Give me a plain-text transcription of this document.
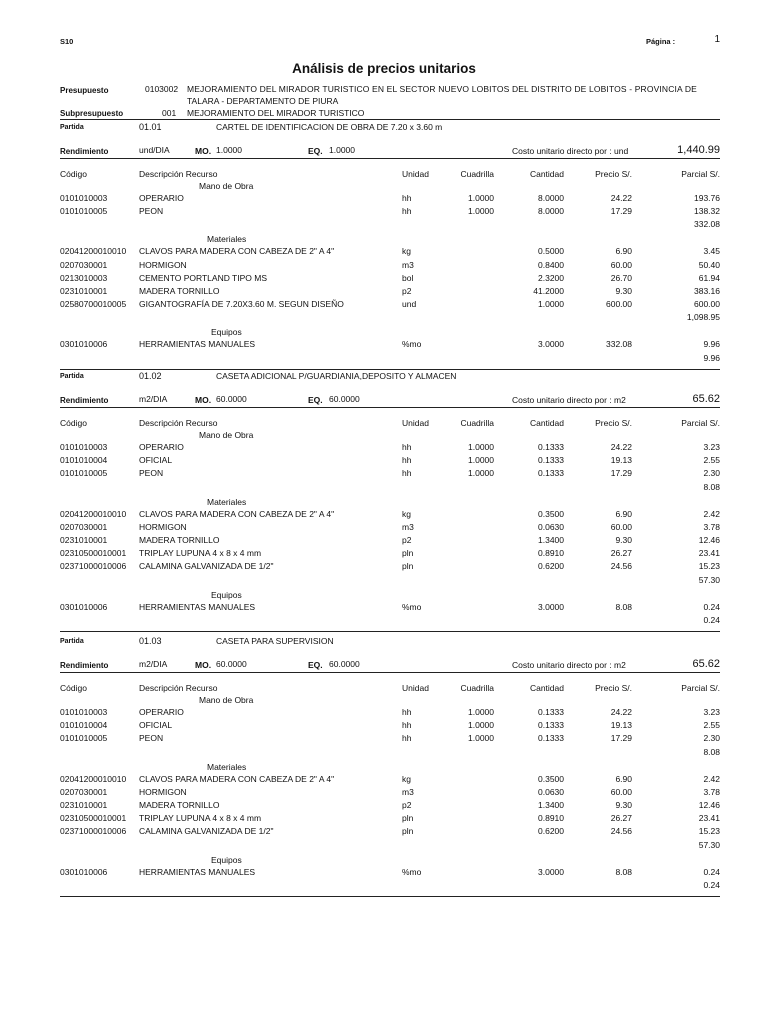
S10	Página :	1
Análisis de precios unitarios
Presupuesto	0103002 MEJORAMIENTO DEL MIRADOR TURISTICO EN EL SECTOR NUEVO LOBITOS DEL DISTRITO DE LOBITOS - PROVINCIA DE
TALARA - DEPARTAMENTO DE PIURA
Subpresupuesto	001 MEJORAMIENTO DEL MIRADOR TURISTICO
Partida	01.01	CARTEL DE IDENTIFICACION DE OBRA DE 7.20 x 3.60 m
Rendimiento	und/DIA	MO. 1.0000	EQ. 1.0000	Costo unitario directo por : und	1,440.99
Código	Descripción Recurso	Unidad	Cuadrilla	Cantidad	Precio S/.	Parcial S/.
Mano de Obra
0101010003	OPERARIO	hh	1.0000	8.0000	24.22	193.76
0101010005	PEON	hh	1.0000	8.0000	17.29	138.32
332.08
Materiales
02041200010010 CLAVOS PARA MADERA CON CABEZA DE 2" A 4"	kg	0.5000	6.90	3.45
0207030001	HORMIGON	m3	0.8400	60.00	50.40
0213010003	CEMENTO PORTLAND TIPO MS	bol	2.3200	26.70	61.94
0231010001	MADERA TORNILLO	p2	41.2000	9.30	383.16
02580700010005 GIGANTOGRAFÍA DE 7.20X3.60 M. SEGUN DISEÑO	und	1.0000	600.00	600.00
1,098.95
Equipos
0301010006	HERRAMIENTAS MANUALES	%mo	3.0000	332.08	9.96
9.96
Partida	01.02	CASETA ADICIONAL P/GUARDIANIA,DEPOSITO Y ALMACEN
Rendimiento	m2/DIA	MO. 60.0000	EQ. 60.0000	Costo unitario directo por : m2	65.62
Código	Descripción Recurso	Unidad	Cuadrilla	Cantidad	Precio S/.	Parcial S/.
Mano de Obra
0101010003	OPERARIO	hh	1.0000	0.1333	24.22	3.23
0101010004	OFICIAL	hh	1.0000	0.1333	19.13	2.55
0101010005	PEON	hh	1.0000	0.1333	17.29	2.30
8.08
Materiales
02041200010010 CLAVOS PARA MADERA CON CABEZA DE 2" A 4"	kg	0.3500	6.90	2.42
0207030001	HORMIGON	m3	0.0630	60.00	3.78
0231010001	MADERA TORNILLO	p2	1.3400	9.30	12.46
02310500010001 TRIPLAY LUPUNA 4 x 8 x 4 mm	pln	0.8910	26.27	23.41
02371000010006 CALAMINA GALVANIZADA DE 1/2"	pln	0.6200	24.56	15.23
57.30
Equipos
0301010006	HERRAMIENTAS MANUALES	%mo	3.0000	8.08	0.24
0.24
Partida	01.03	CASETA PARA SUPERVISION
Rendimiento	m2/DIA	MO. 60.0000	EQ. 60.0000	Costo unitario directo por : m2	65.62
Código	Descripción Recurso	Unidad	Cuadrilla	Cantidad	Precio S/.	Parcial S/.
Mano de Obra
0101010003	OPERARIO	hh	1.0000	0.1333	24.22	3.23
0101010004	OFICIAL	hh	1.0000	0.1333	19.13	2.55
0101010005	PEON	hh	1.0000	0.1333	17.29	2.30
8.08
Materiales
02041200010010 CLAVOS PARA MADERA CON CABEZA DE 2" A 4"	kg	0.3500	6.90	2.42
0207030001	HORMIGON	m3	0.0630	60.00	3.78
0231010001	MADERA TORNILLO	p2	1.3400	9.30	12.46
02310500010001 TRIPLAY LUPUNA 4 x 8 x 4 mm	pln	0.8910	26.27	23.41
02371000010006 CALAMINA GALVANIZADA DE 1/2"	pln	0.6200	24.56	15.23
57.30
Equipos
0301010006	HERRAMIENTAS MANUALES	%mo	3.0000	8.08	0.24
0.24
